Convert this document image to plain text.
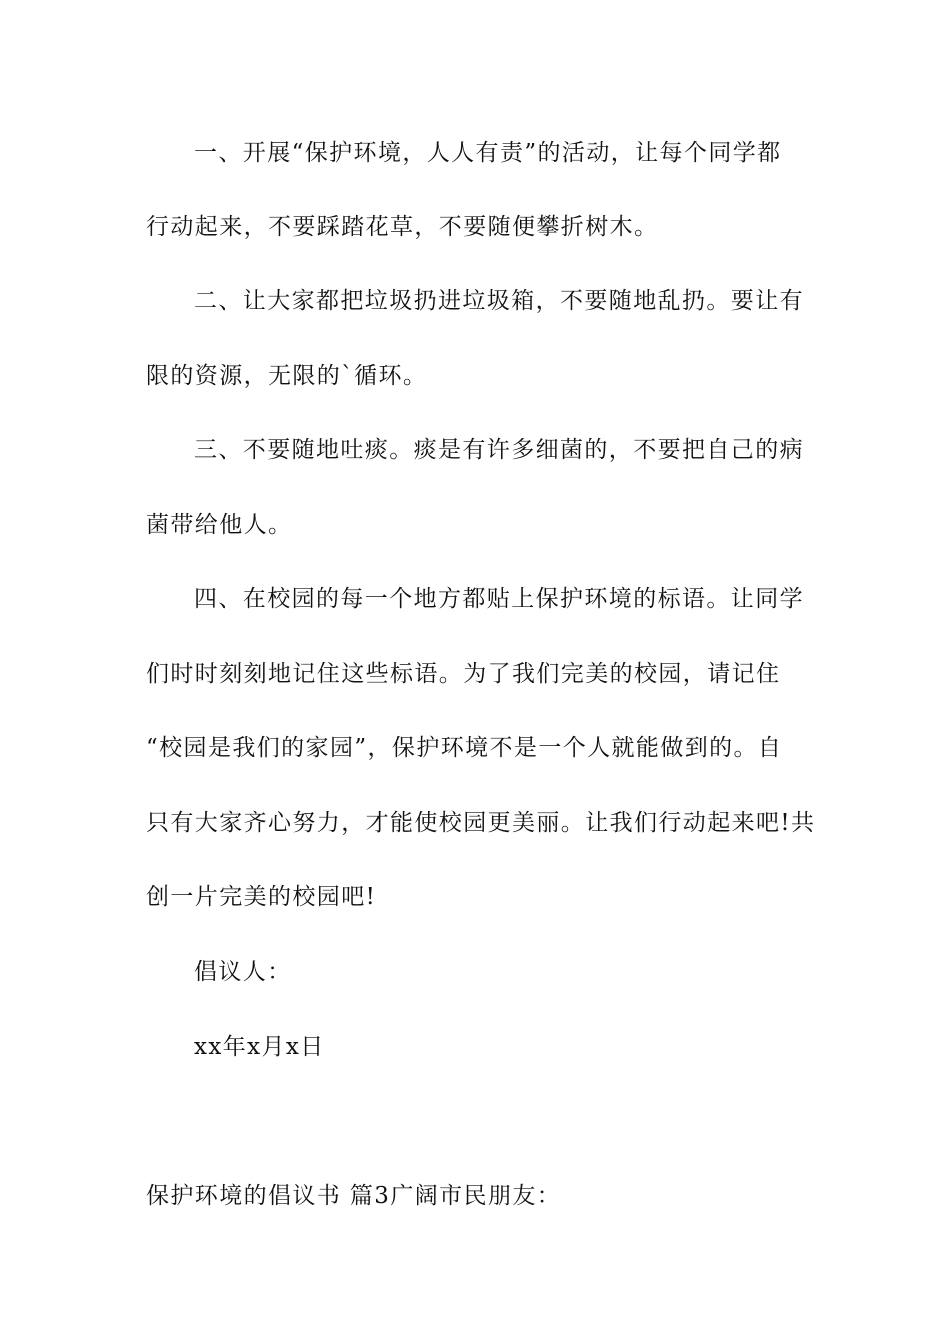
一、开展“保护环境，人人有责”的活动，让每个同学都
行动起来，不要踩踏花草，不要随便攀折树木。
二、让大家都把垃圾扔进垃圾箱，不要随地乱扔。要让有
限的资源，无限的`循环。
三、不要随地吐痰。痰是有许多细菌的，不要把自己的病
菌带给他人。
四、在校园的每一个地方都贴上保护环境的标语。让同学
们时时刻刻地记住这些标语。为了我们完美的校园，请记住
“校园是我们的家园”，保护环境不是一个人就能做到的。自
只有大家齐心努力，才能使校园更美丽。让我们行动起来吧!共
创一片完美的校园吧!
倡议人：
xx年x月x日
保护环境的倡议书 篇3广阔市民朋友：
